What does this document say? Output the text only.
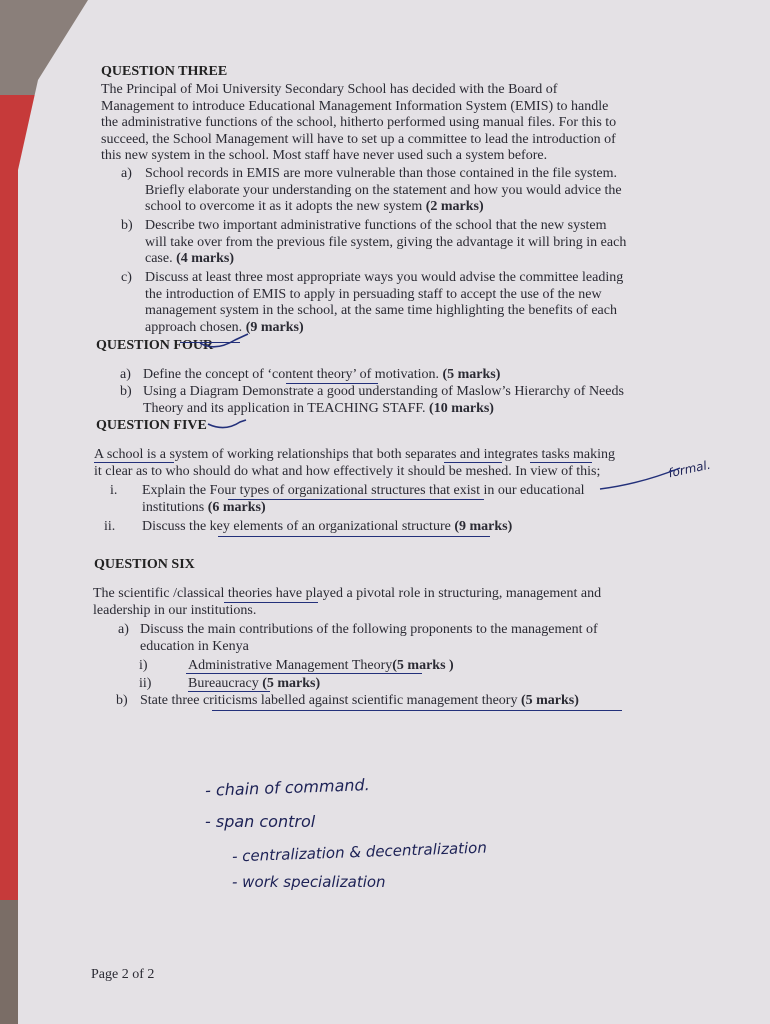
QUESTION THREE

The Principal of Moi University Secondary School has decided with the Board of

Management to introduce Educational Management Information System (EMIS) to handle

the administrative functions of the school, hitherto performed using manual files. For this to

succeed, the School Management will have to set up a committee to lead the introduction of

this new system in the school. Most staff have never used such a system before.

a) School records in EMIS are more vulnerable than those contained in the file system.

Briefly elaborate your understanding on the statement and how you would advice the

school to overcome it as it adopts the new system (2 marks)

b) Describe two important administrative functions of the school that the new system

will take over from the previous file system, giving the advantage it will bring in each

case. (4 marks)

c) Discuss at least three most appropriate ways you would advise the committee leading

the introduction of EMIS to apply in persuading staff to accept the use of the new

management system in the school, at the same time highlighting the benefits of each

approach chosen. (9 marks)

QUESTION FOUR
a) Define the concept of ‘content theory’ of motivation. (5 marks)

b) Using a Diagram Demonstrate a good understanding of Maslow’s Hierarchy of Needs

Theory and its application in TEACHING STAFF. (10 marks)

QUESTION FIVE

A school is a system of working relationships that both separates and integrates tasks making

it clear as to who should do what and how effectively it should be meshed. In view of this;

i. Explain the Four types of organizational structures that exist in our educational

institutions (6 marks)

ii. Discuss the key elements of an organizational structure (9 marks)

formal.
QUESTION SIX

The scientific /classical theories have played a pivotal role in structuring, management and

leadership in our institutions.

a) Discuss the main contributions of the following proponents to the management of

education in Kenya

i)	Administrative Management Theory(5 marks )
ii)	Bureaucracy (5 marks)
b) State three criticisms labelled against scientific management theory (5 marks)
- chain of command.
- span control
- centralization & decentralization
- work specialization
Page 2 of 2
